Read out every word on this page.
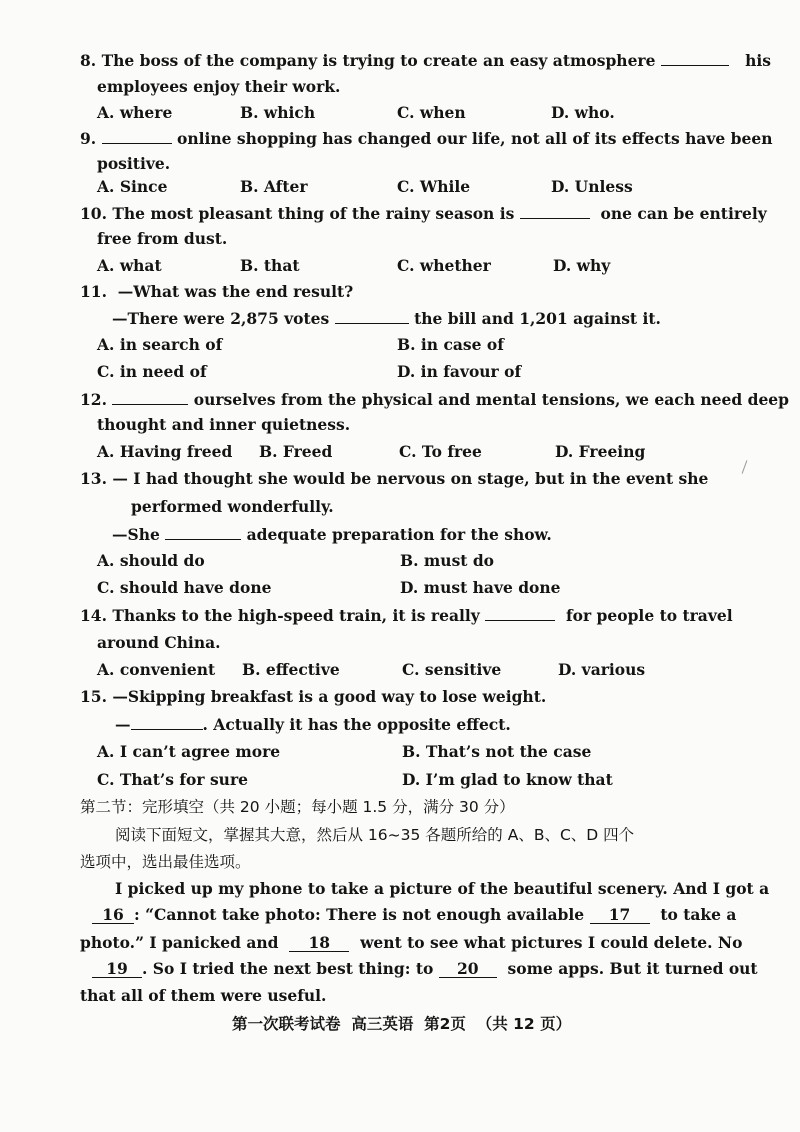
8. The boss of the company is trying to create an easy atmosphere	his
employees enjoy their work.
A. where	B. which	C. when	D. who.
9.	online shopping has changed our life, not all of its effects have been
positive.
A. Since	B. After	C. While	D. Unless
10. The most pleasant thing of the rainy season is	one can be entirely
free from dust.
A. what	B. that	C. whether	D. why
11. —What was the end result?
—There were 2,875 votes	the bill and 1,201 against it.
A. in search of	B. in case of
C. in need of	D. in favour of
12.	ourselves from the physical and mental tensions, we each need deep
thought and inner quietness.
A. Having freed B. Freed	C. To free	D. Freeing
13. — I had thought she would be nervous on stage, but in the event she
performed wonderfully.
—She	adequate preparation for the show.
A. should do	B. must do
C. should have done	D. must have done
14. Thanks to the high-speed train, it is really	for people to travel
around China.
A. convenient B. effective	C. sensitive	D. various
15. —Skipping breakfast is a good way to lose weight.
—	. Actually it has the opposite effect.
A. I can’t agree more	B. That’s not the case
C. That’s for sure	D. I’m glad to know that
第二节：完形填空（共 20 小题；每小题 1.5 分，满分 30 分）
阅读下面短文，掌握其大意，然后从 16~35 各题所给的 A、B、C、D 四个
选项中，选出最佳选项。
I picked up my phone to take a picture of the beautiful scenery. And I got a
16 : “Cannot take photo: There is not enough available 17 to take a
photo.” I panicked and 18 went to see what pictures I could delete. No
19 . So I tried the next best thing: to 20 some apps. But it turned out
that all of them were useful.
第一次联考试卷 高三英语 第2页 （共 12 页）
